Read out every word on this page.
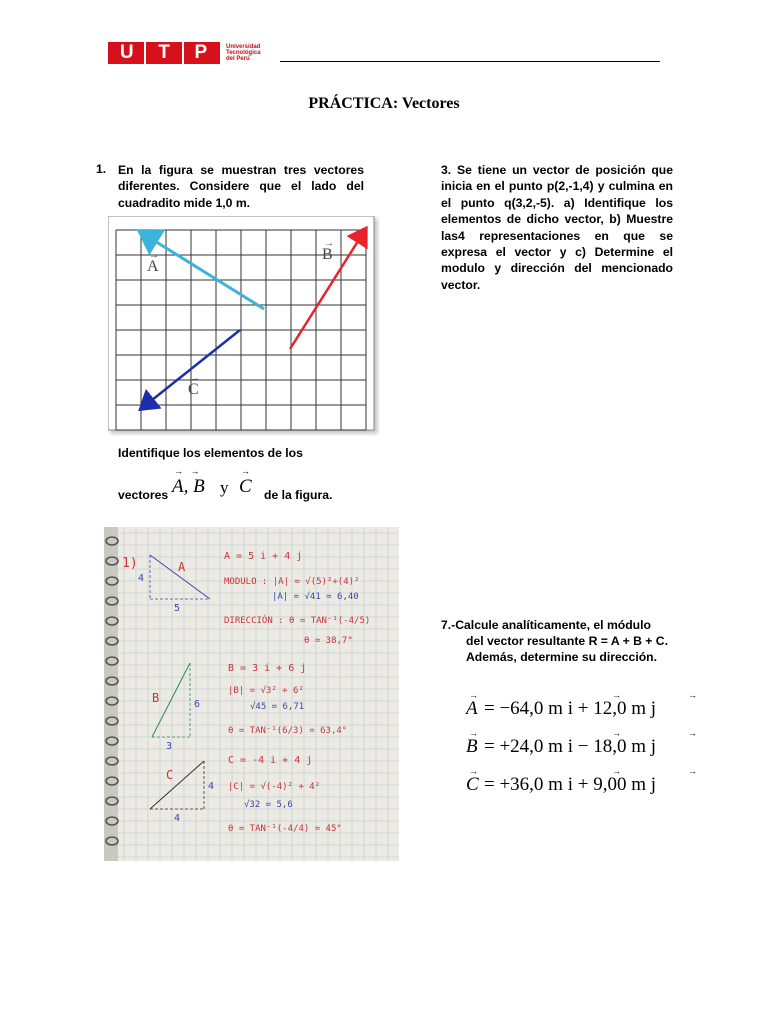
U T P	Universidad
Tecnológica
del Perú
PRÁCTICA: Vectores
1. En la figura se muestran tres vectores diferentes. Considere que el lado del cuadradito mide 1,0 m.
A
→	B
→
C
→
Identifique los elementos de los
vectores
→   →
A, B y
→
C de la figura.
1)	A
4
5
A = 5 i + 4 j
MODULO : |A| = √(5)²+(4)²
|A| = √41 = 6,40
DIRECCIÓN : θ = TAN⁻¹(-4/5)
θ = 38,7°
B	6
3
B = 3 i + 6 j
|B| = √3² + 6²
√45 = 6,71
θ = TAN⁻¹(6/3) = 63,4°
C
4
4
C = -4 i + 4 j
|C| = √(-4)² + 4²
√32 = 5,6
θ = TAN⁻¹(-4/4) = 45°
3. Se tiene un vector de posición que inicia en el punto p(2,-1,4) y culmina en el punto q(3,2,-5). a) Identifique los elementos de dicho vector, b) Muestre las4 representaciones en que se expresa el vector y c) Determine el modulo y dirección del mencionado vector.
7.-Calcule analíticamente, el módulo
del vector resultante R = A + B + C.
Además, determine su dirección.
→	→	→
A = −64,0 m i + 12,0 m j
→	→	→
B = +24,0 m i − 18,0 m j
→	→	→
C = +36,0 m i + 9,00 m j
